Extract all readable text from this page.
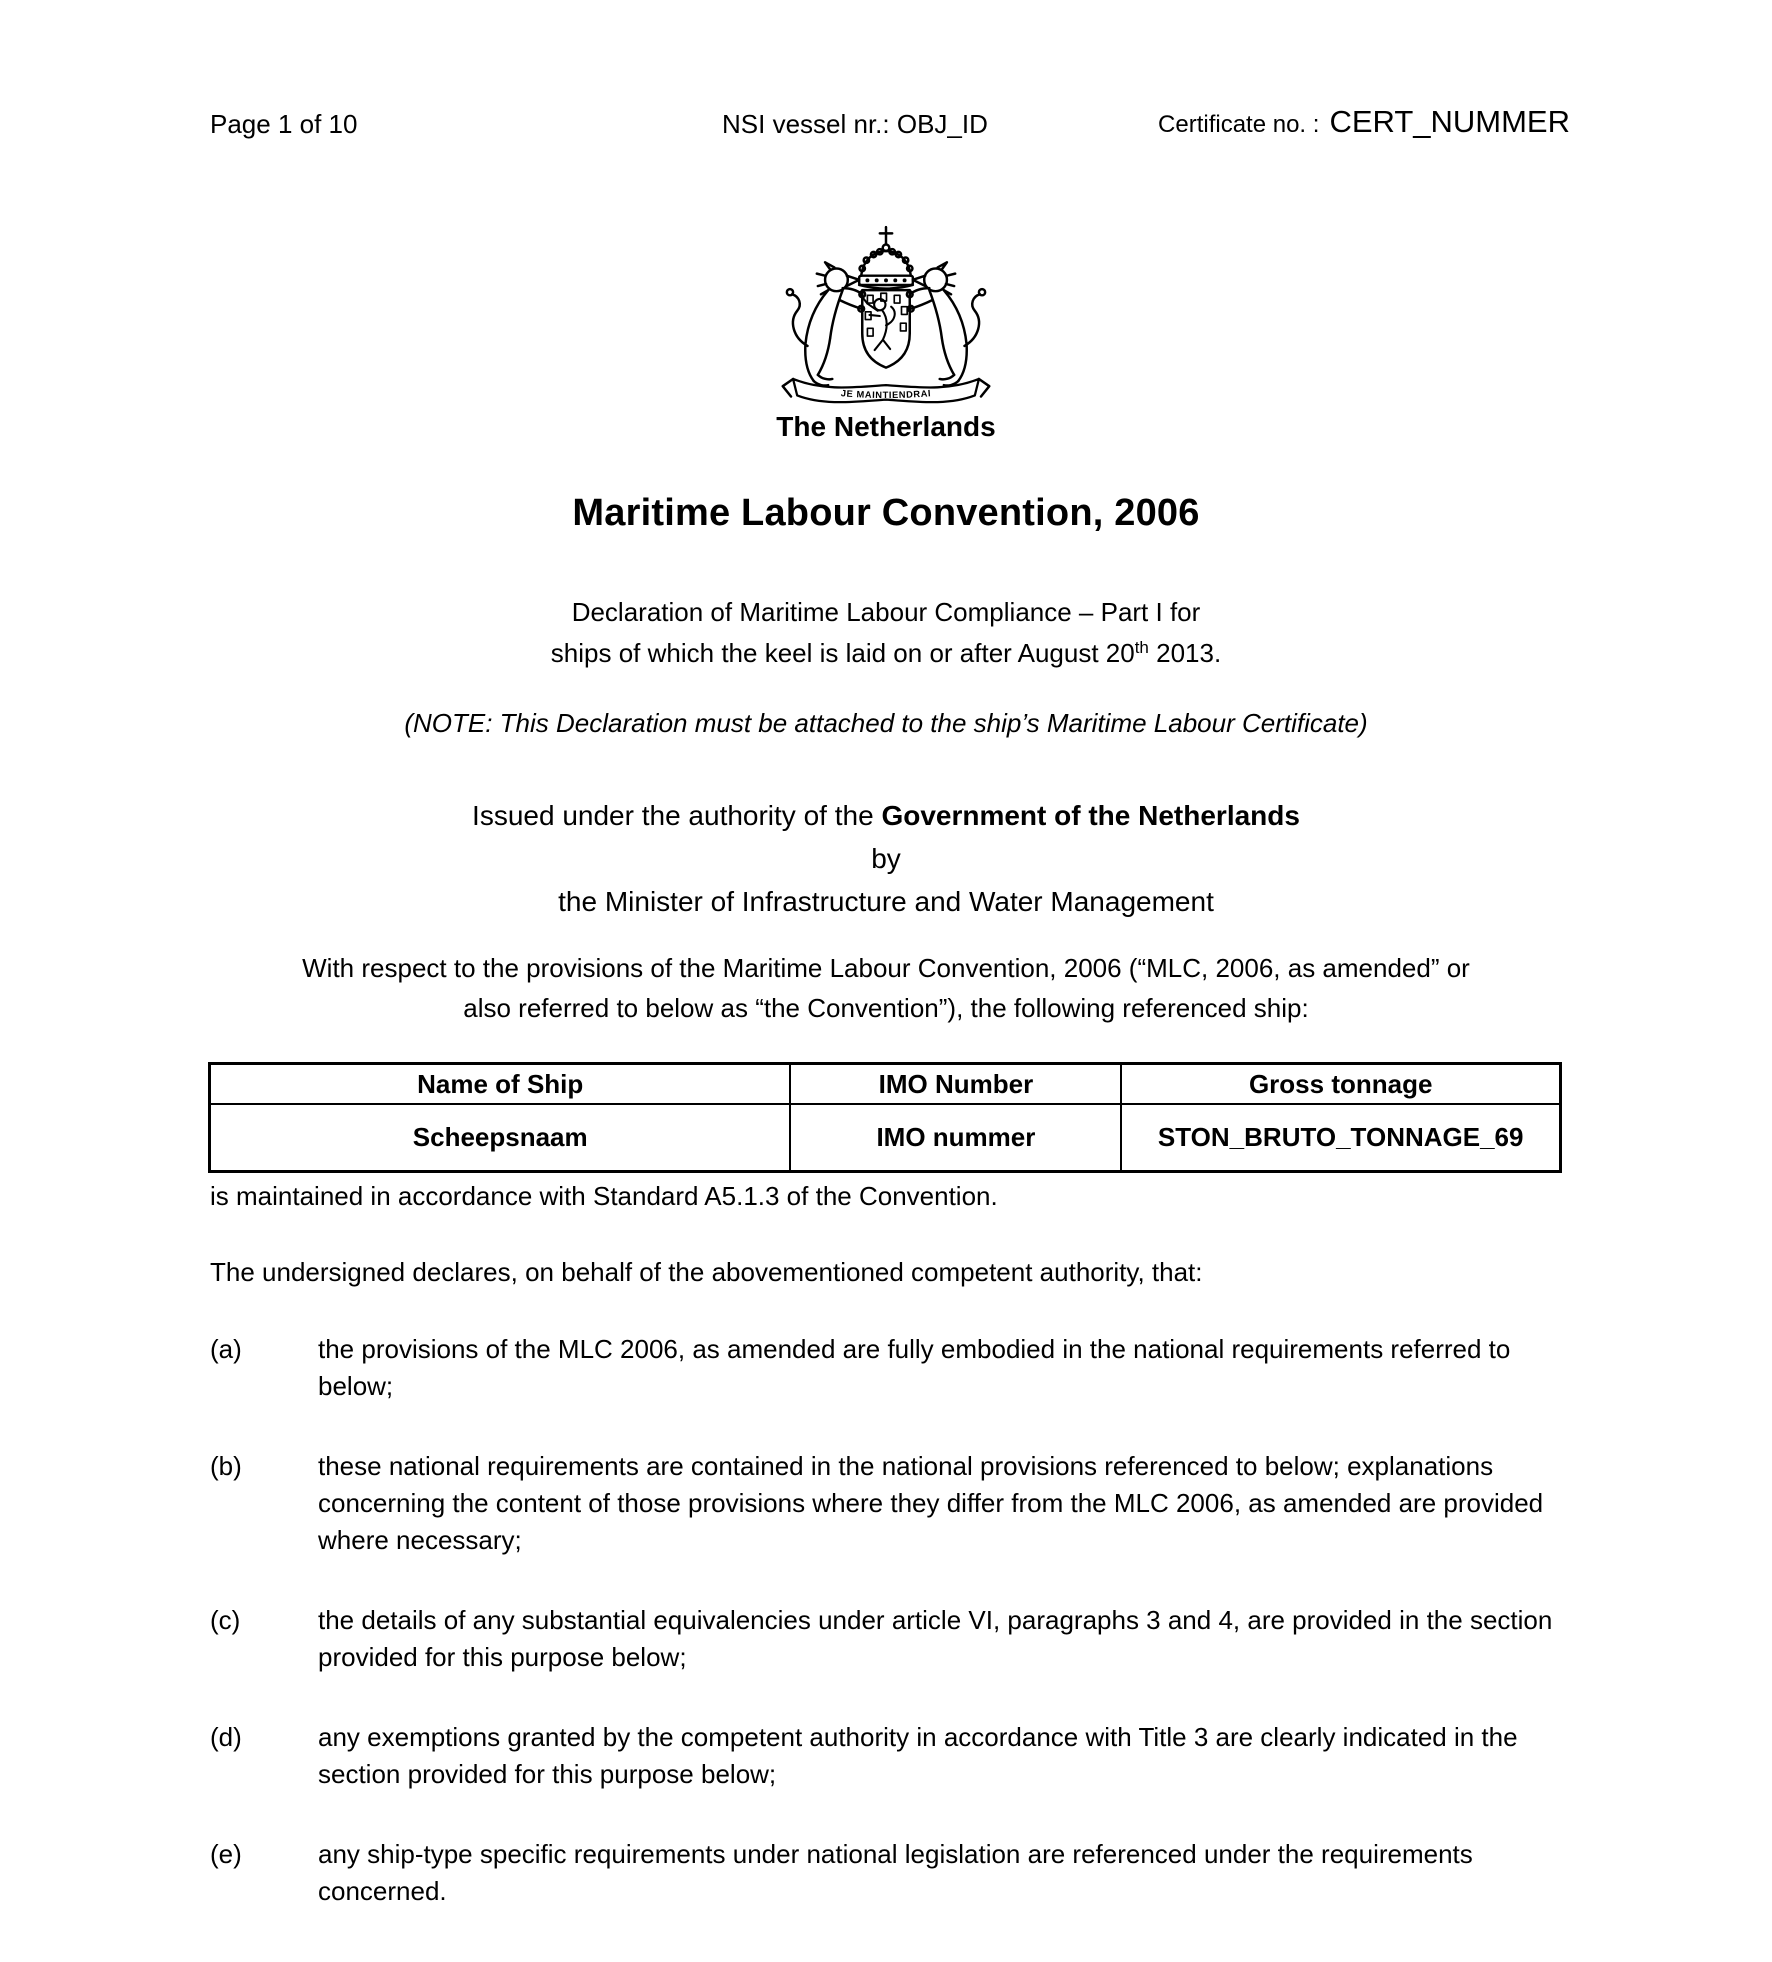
Page 1 of 10	NSI vessel nr.: OBJ_ID	Certificate no. : CERT_NUMMER
JE MAINTIENDRAI
The Netherlands
Maritime Labour Convention, 2006
Declaration of Maritime Labour Compliance – Part I for
ships of which the keel is laid on or after August 20th 2013.
(NOTE: This Declaration must be attached to the ship’s Maritime Labour Certificate)
Issued under the authority of the Government of the Netherlands
by
the Minister of Infrastructure and Water Management
With respect to the provisions of the Maritime Labour Convention, 2006 (“MLC, 2006, as amended” or
also referred to below as “the Convention”), the following referenced ship:
Name of Ship	IMO Number	Gross tonnage
Scheepsnaam	IMO nummer	STON_BRUTO_TONNAGE_69
is maintained in accordance with Standard A5.1.3 of the Convention.
The undersigned declares, on behalf of the abovementioned competent authority, that:
(a)	the provisions of the MLC 2006, as amended are fully embodied in the national requirements referred to below;
(b)	these national requirements are contained in the national provisions referenced to below; explanations concerning the content of those provisions where they differ from the MLC 2006, as amended are provided where necessary;
(c)	the details of any substantial equivalencies under article VI, paragraphs 3 and 4, are provided in the section provided for this purpose below;
(d)	any exemptions granted by the competent authority in accordance with Title 3 are clearly indicated in the section provided for this purpose below;
(e)	any ship-type specific requirements under national legislation are referenced under the requirements concerned.
